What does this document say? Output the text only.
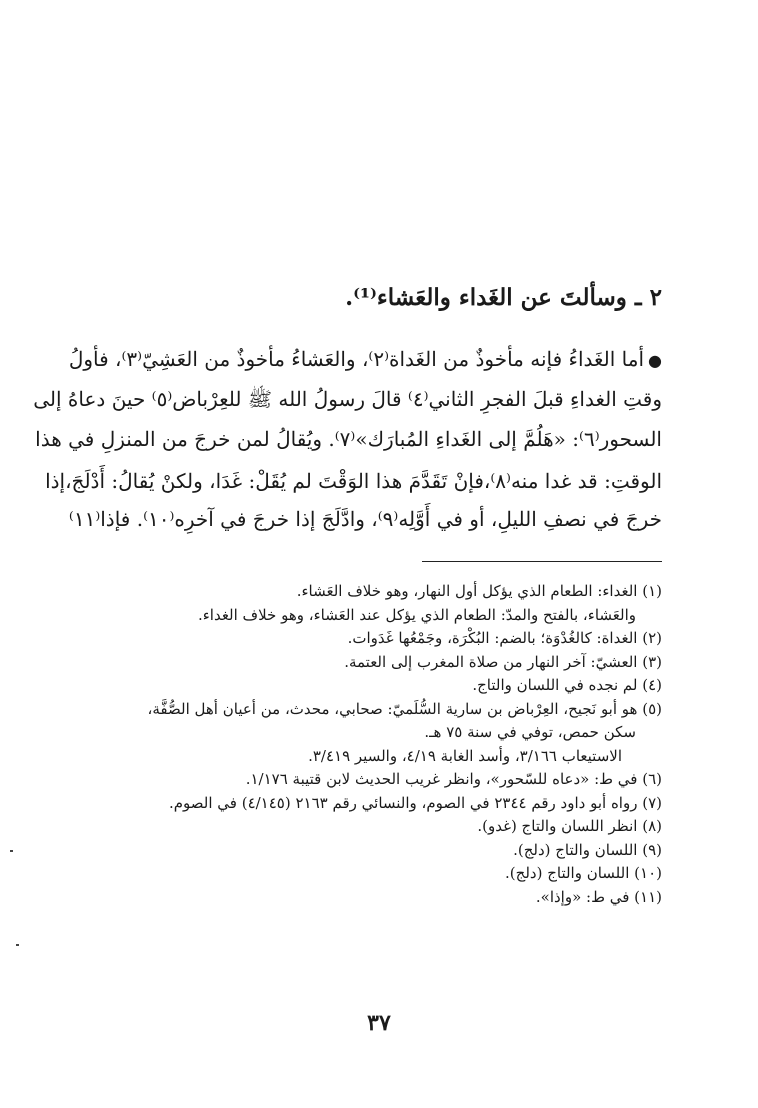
٢ ـ وسألتَ عن الغَداء والعَشاء⁽¹⁾.
●أما الغَداءُ فإنه مأخوذٌ من الغَداة⁽٢⁾، والعَشاءُ مأخوذٌ من العَشِيّ⁽٣⁾، فأولُ
وقتِ الغداءِ قبلَ الفجرِ الثاني⁽٤⁾ قالَ رسولُ الله ﷺ للعِرْباض⁽٥⁾ حينَ دعاهُ إلى
السحور⁽٦⁾: «هَلُمَّ إلى الغَداءِ المُبارَك»⁽٧⁾. ويُقالُ لمن خرجَ من المنزلِ في هذا
الوقتِ: قد غدا منه⁽٨⁾،فإنْ تَقَدَّمَ هذا الوَقْتَ لم يُقَلْ: غَدَا، ولكنْ يُقالُ: أَدْلَجَ،إذا
خرجَ في نصفِ الليلِ، أو في أَوَّلِه⁽٩⁾، وادَّلَجَ إذا خرجَ في آخرِه⁽١٠⁾. فإذا⁽١١⁾
(١) الغداء: الطعام الذي يؤكل أول النهار، وهو خلاف العَشاء.
والعَشاء، بالفتح والمدّ: الطعام الذي يؤكل عند العَشاء، وهو خلاف الغداء.
(٢) الغداة: كالغُدْوَة؛ بالضم: البُكْرَة، وجَمْعُها غَدَوات.
(٣) العشيّ: آخر النهار من صلاة المغرب إلى العتمة.
(٤) لم نجده في اللسان والتاج.
(٥) هو أبو نَجيح، العِرْباض بن سارية السُّلَميّ: صحابي، محدث، من أعيان أهل الصُّفَّة،
سكن حمص، توفي في سنة ٧٥ هـ.
الاستيعاب ٣/١٦٦، وأسد الغابة ٤/١٩، والسير ٣/٤١٩.
(٦) في ط: «دعاه للسّحور»، وانظر غريب الحديث لابن قتيبة ١/١٧٦.
(٧) رواه أبو داود رقم ٢٣٤٤ في الصوم، والنسائي رقم ٢١٦٣ (٤/١٤٥) في الصوم.
(٨) انظر اللسان والتاج (غدو).
(٩) اللسان والتاج (دلج).
(١٠) اللسان والتاج (دلج).
(١١) في ط: «وإذا».
٣٧
